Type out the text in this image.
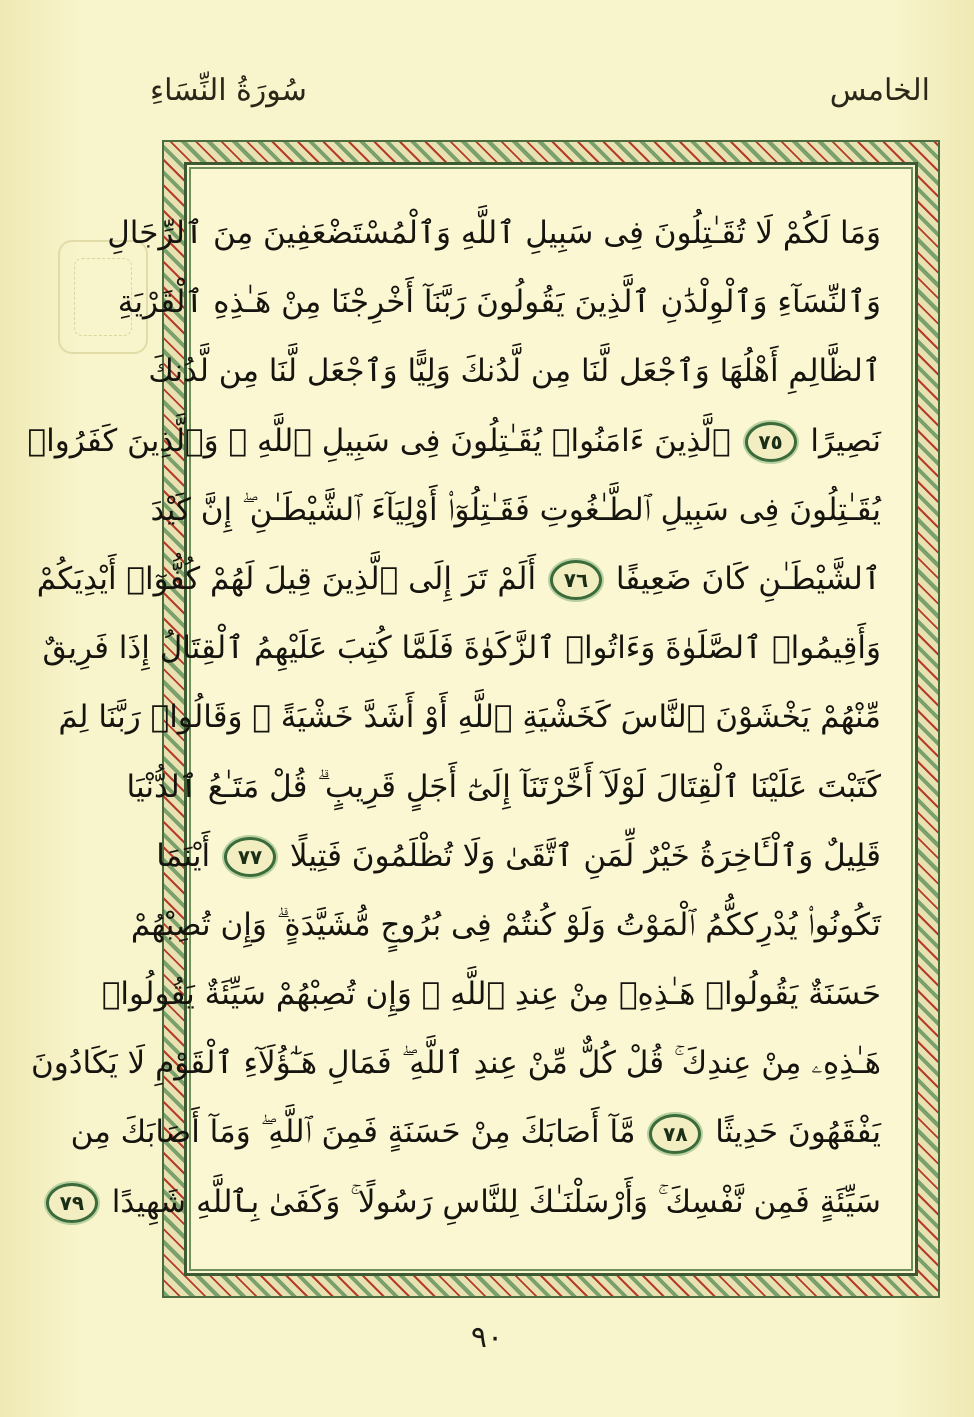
الخامس
سُورَةُ النِّسَاءِ
وَمَا لَكُمْ لَا تُقَـٰتِلُونَ فِى سَبِيلِ ٱللَّهِ وَٱلْمُسْتَضْعَفِينَ مِنَ ٱلرِّجَالِ
وَٱلنِّسَآءِ وَٱلْوِلْدَٰنِ ٱلَّذِينَ يَقُولُونَ رَبَّنَآ أَخْرِجْنَا مِنْ هَـٰذِهِ ٱلْقَرْيَةِ
ٱلظَّالِمِ أَهْلُهَا وَٱجْعَل لَّنَا مِن لَّدُنكَ وَلِيًّا وَٱجْعَل لَّنَا مِن لَّدُنكَ
نَصِيرًا ٧٥ ٱلَّذِينَ ءَامَنُوا۟ يُقَـٰتِلُونَ فِى سَبِيلِ ٱللَّهِ ۖ وَٱلَّذِينَ كَفَرُوا۟
يُقَـٰتِلُونَ فِى سَبِيلِ ٱلطَّـٰغُوتِ فَقَـٰتِلُوٓا۟ أَوْلِيَآءَ ٱلشَّيْطَـٰنِ ۖ إِنَّ كَيْدَ
ٱلشَّيْطَـٰنِ كَانَ ضَعِيفًا ٧٦ أَلَمْ تَرَ إِلَى ٱلَّذِينَ قِيلَ لَهُمْ كُفُّوٓا۟ أَيْدِيَكُمْ
وَأَقِيمُوا۟ ٱلصَّلَوٰةَ وَءَاتُوا۟ ٱلزَّكَوٰةَ فَلَمَّا كُتِبَ عَلَيْهِمُ ٱلْقِتَالُ إِذَا فَرِيقٌ
مِّنْهُمْ يَخْشَوْنَ ٱلنَّاسَ كَخَشْيَةِ ٱللَّهِ أَوْ أَشَدَّ خَشْيَةً ۚ وَقَالُوا۟ رَبَّنَا لِمَ
كَتَبْتَ عَلَيْنَا ٱلْقِتَالَ لَوْلَآ أَخَّرْتَنَآ إِلَىٰٓ أَجَلٍ قَرِيبٍ ۗ قُلْ مَتَـٰعُ ٱلدُّنْيَا
قَلِيلٌ وَٱلْـَٔاخِرَةُ خَيْرٌ لِّمَنِ ٱتَّقَىٰ وَلَا تُظْلَمُونَ فَتِيلًا ٧٧ أَيْنَمَا
تَكُونُوا۟ يُدْرِككُّمُ ٱلْمَوْتُ وَلَوْ كُنتُمْ فِى بُرُوجٍ مُّشَيَّدَةٍ ۗ وَإِن تُصِبْهُمْ
حَسَنَةٌ يَقُولُوا۟ هَـٰذِهِۦ مِنْ عِندِ ٱللَّهِ ۖ وَإِن تُصِبْهُمْ سَيِّئَةٌ يَقُولُوا۟
هَـٰذِهِۦ مِنْ عِندِكَ ۚ قُلْ كُلٌّ مِّنْ عِندِ ٱللَّهِ ۖ فَمَالِ هَـٰٓؤُلَآءِ ٱلْقَوْمِ لَا يَكَادُونَ
يَفْقَهُونَ حَدِيثًا ٧٨ مَّآ أَصَابَكَ مِنْ حَسَنَةٍ فَمِنَ ٱللَّهِ ۖ وَمَآ أَصَابَكَ مِن
سَيِّئَةٍ فَمِن نَّفْسِكَ ۚ وَأَرْسَلْنَـٰكَ لِلنَّاسِ رَسُولًا ۚ وَكَفَىٰ بِٱللَّهِ شَهِيدًا ٧٩
٩٠
